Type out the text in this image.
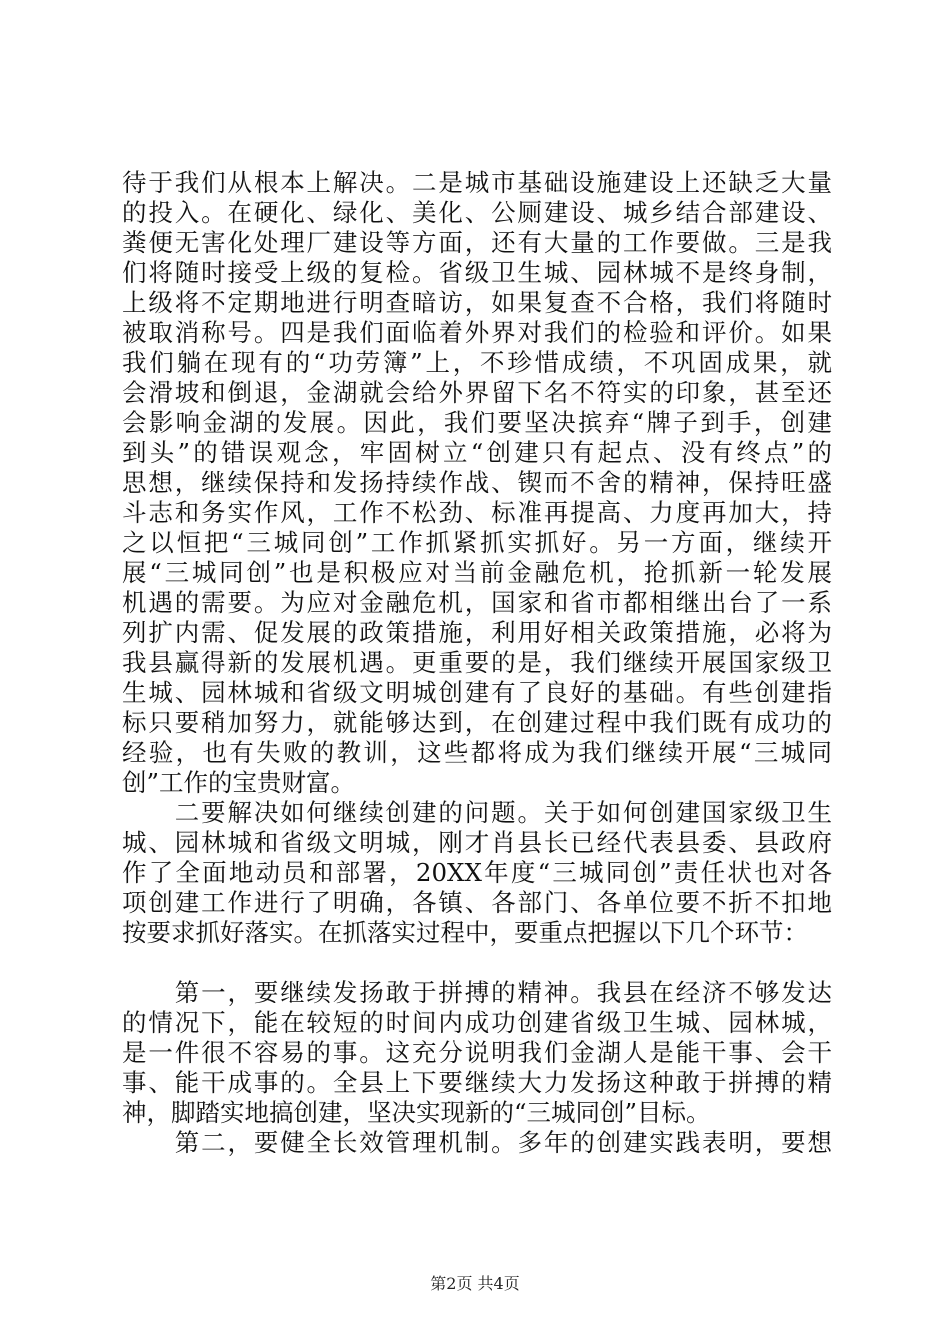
待于我们从根本上解决。二是城市基础设施建设上还缺乏大量
的投入。在硬化、绿化、美化、公厕建设、城乡结合部建设、
粪便无害化处理厂建设等方面，还有大量的工作要做。三是我
们将随时接受上级的复检。省级卫生城、园林城不是终身制，
上级将不定期地进行明查暗访，如果复查不合格，我们将随时
被取消称号。四是我们面临着外界对我们的检验和评价。如果
我们躺在现有的“功劳簿”上，不珍惜成绩，不巩固成果，就
会滑坡和倒退，金湖就会给外界留下名不符实的印象，甚至还
会影响金湖的发展。因此，我们要坚决摈弃“牌子到手，创建
到头”的错误观念，牢固树立“创建只有起点、没有终点”的
思想，继续保持和发扬持续作战、锲而不舍的精神，保持旺盛
斗志和务实作风，工作不松劲、标准再提高、力度再加大，持
之以恒把“三城同创”工作抓紧抓实抓好。另一方面，继续开
展“三城同创”也是积极应对当前金融危机，抢抓新一轮发展
机遇的需要。为应对金融危机，国家和省市都相继出台了一系
列扩内需、促发展的政策措施，利用好相关政策措施，必将为
我县赢得新的发展机遇。更重要的是，我们继续开展国家级卫
生城、园林城和省级文明城创建有了良好的基础。有些创建指
标只要稍加努力，就能够达到，在创建过程中我们既有成功的
经验，也有失败的教训，这些都将成为我们继续开展“三城同
创”工作的宝贵财富。
　　二要解决如何继续创建的问题。关于如何创建国家级卫生
城、园林城和省级文明城，刚才肖县长已经代表县委、县政府
作了全面地动员和部署，20XX年度“三城同创”责任状也对各
项创建工作进行了明确，各镇、各部门、各单位要不折不扣地
按要求抓好落实。在抓落实过程中，要重点把握以下几个环节：
　　第一，要继续发扬敢于拼搏的精神。我县在经济不够发达
的情况下，能在较短的时间内成功创建省级卫生城、园林城，
是一件很不容易的事。这充分说明我们金湖人是能干事、会干
事、能干成事的。全县上下要继续大力发扬这种敢于拼搏的精
神，脚踏实地搞创建，坚决实现新的“三城同创”目标。
　　第二，要健全长效管理机制。多年的创建实践表明，要想
第2页 共4页
